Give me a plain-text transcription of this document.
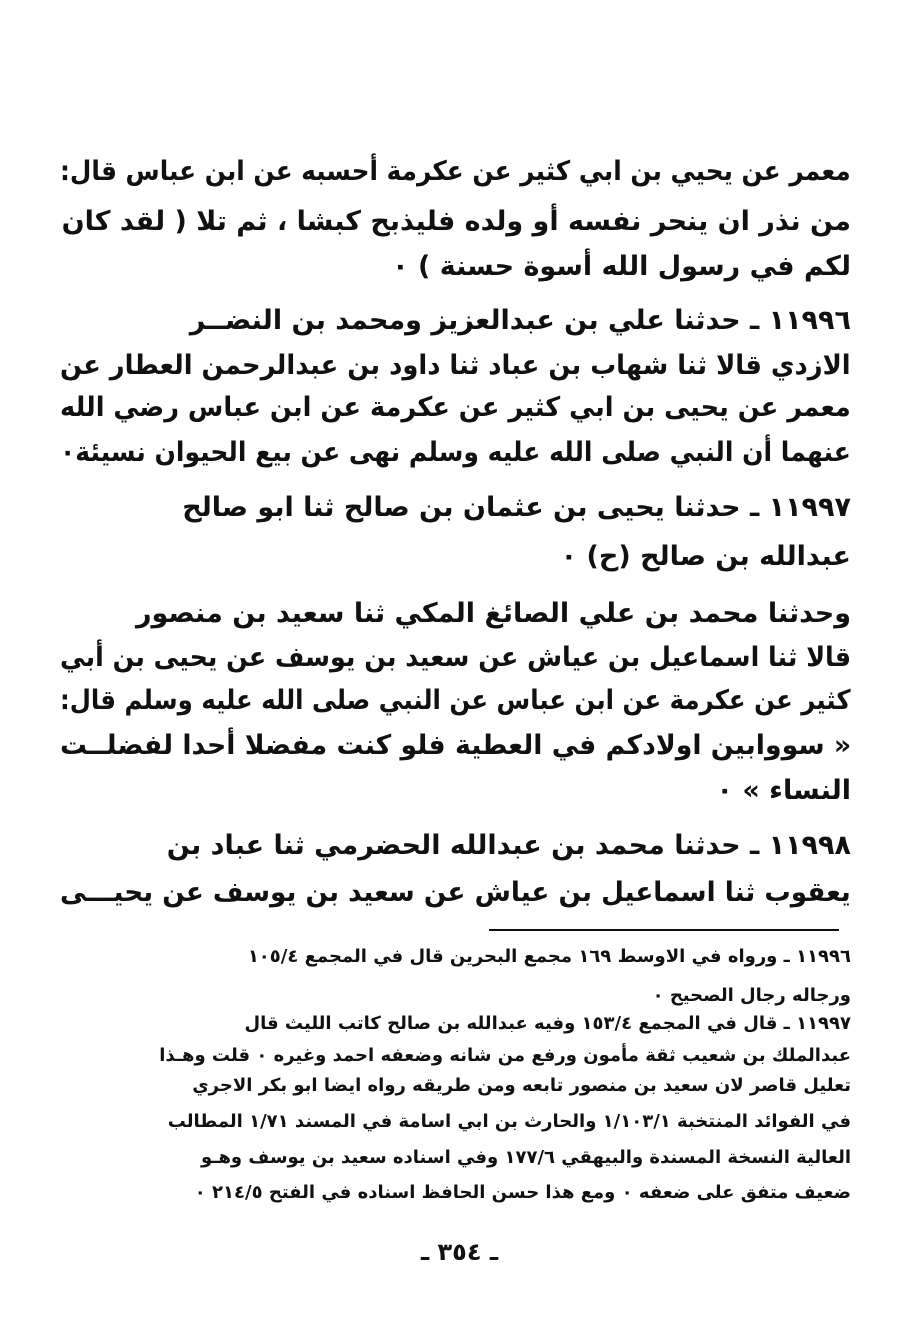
معمر عن يحيي بن ابي كثير عن عكرمة أحسبه عن ابن عباس قال:
من نذر ان ينحر نفسه أو ولده فليذبح كبشا ، ثم تلا ( لقد كان
لكم في رسول الله أسوة حسنة ) ٠
١١٩٩٦ ـ حدثنا علي بن عبدالعزيز ومحمد بن النضــر
الازدي قالا ثنا شهاب بن عباد ثنا داود بن عبدالرحمن العطار عن
معمر عن يحيى بن ابي كثير عن عكرمة عن ابن عباس رضي الله
عنهما أن النبي صلى الله عليه وسلم نهى عن بيع الحيوان نسيئة٠
١١٩٩٧ ـ حدثنا يحيى بن عثمان بن صالح ثنا ابو صالح
عبدالله بن صالح (ح) ٠
وحدثنا محمد بن علي الصائغ المكي ثنا سعيد بن منصور
قالا ثنا اسماعيل بن عياش عن سعيد بن يوسف عن يحيى بن أبي
كثير عن عكرمة عن ابن عباس عن النبي صلى الله عليه وسلم قال:
« سووابين اولادكم في العطية فلو كنت مفضلا أحدا لفضلــت
النساء » ٠
١١٩٩٨ ـ حدثنا محمد بن عبدالله الحضرمي ثنا عباد بن
يعقوب ثنا اسماعيل بن عياش عن سعيد بن يوسف عن يحيـــى
١١٩٩٦ ـ ورواه في الاوسط ١٦٩ مجمع البحرين قال في المجمع ١٠٥/٤
ورجاله رجال الصحيح ٠
١١٩٩٧ ـ قال في المجمع ١٥٣/٤ وفيه عبدالله بن صالح كاتب الليث قال
عبدالملك بن شعيب ثقة مأمون ورفع من شانه وضعفه احمد وغيره ٠ قلت وهـذا
تعليل قاصر لان سعيد بن منصور تابعه ومن طريقه رواه ايضا ابو بكر الاجري
في الفوائد المنتخبة ١/١٠٣/١ والحارث بن ابي اسامة في المسند ١/٧١ المطالب
العالية النسخة المسندة والبيهقي ١٧٧/٦ وفي اسناده سعيد بن يوسف وهـو
ضعيف متفق على ضعفه ٠ ومع هذا حسن الحافظ اسناده في الفتح ٢١٤/٥ ٠
ـ ٣٥٤ ـ
